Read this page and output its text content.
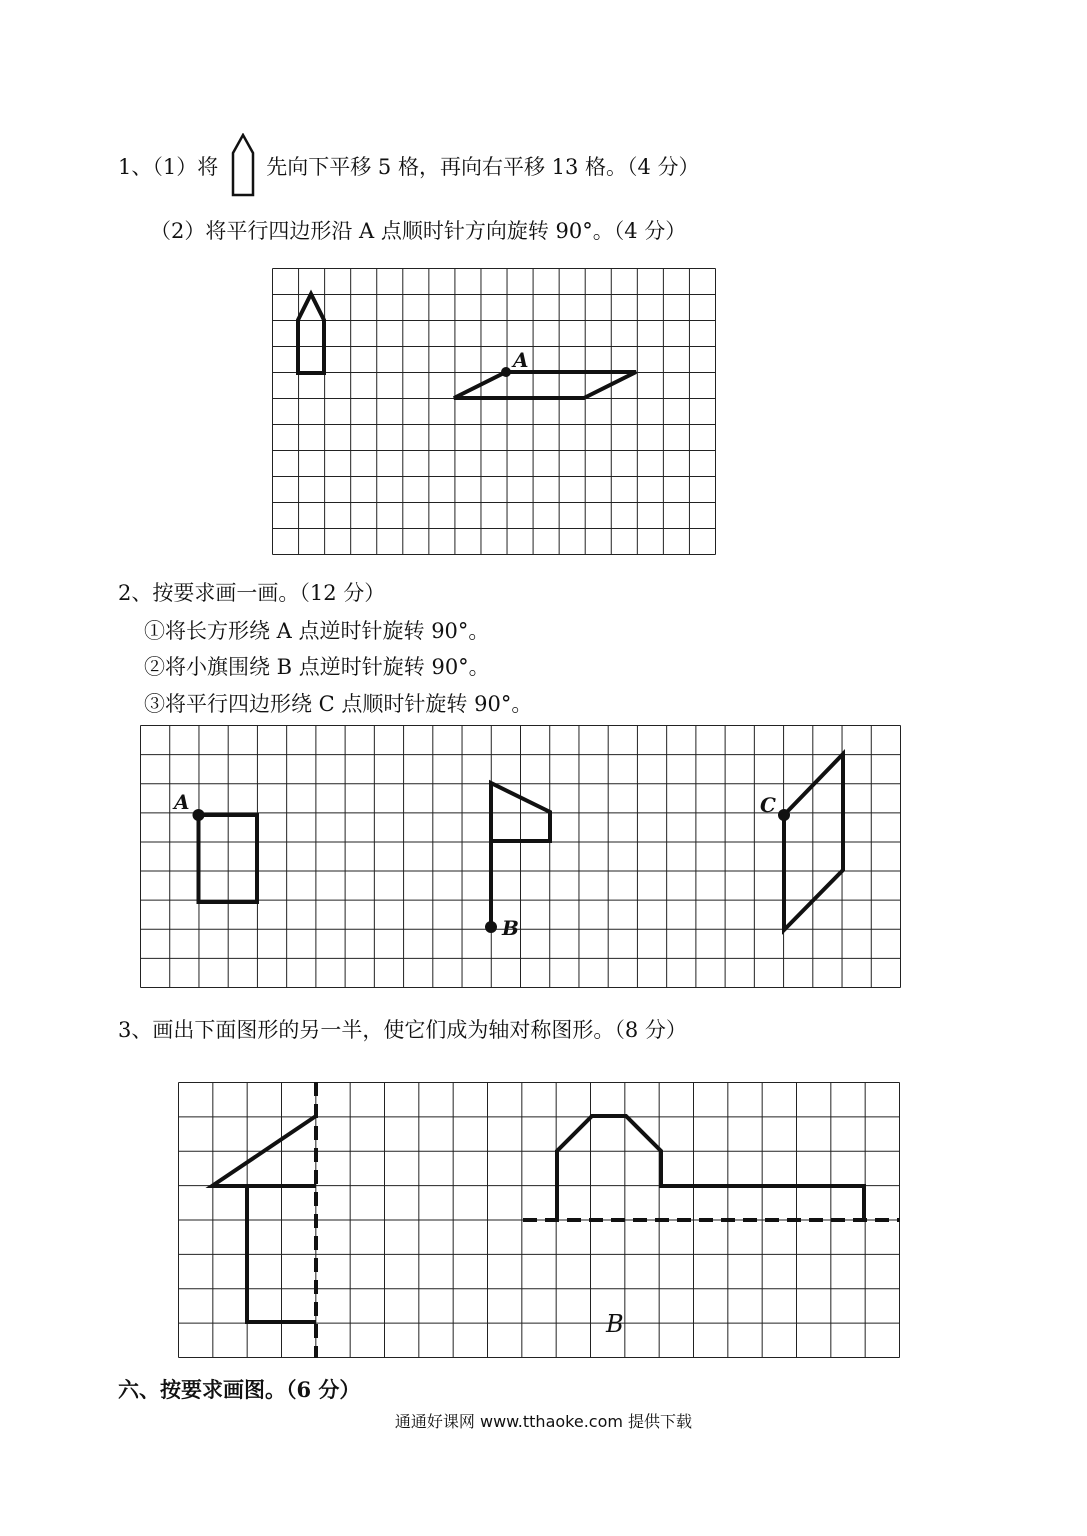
1、（1）将 先向下平移 5 格，再向右平移 13 格。（4 分）
（2）将平行四边形沿 A 点顺时针方向旋转 90°。（4 分）
A
2、按要求画一画。（12 分）
①将长方形绕 A 点逆时针旋转 90°。
②将小旗围绕 B 点逆时针旋转 90°。
③将平行四边形绕 C 点顺时针旋转 90°。
A
B
C
3、画出下面图形的另一半，使它们成为轴对称图形。（8 分）
B
六、按要求画图。（6 分）
通通好课网 www.tthaoke.com 提供下载
